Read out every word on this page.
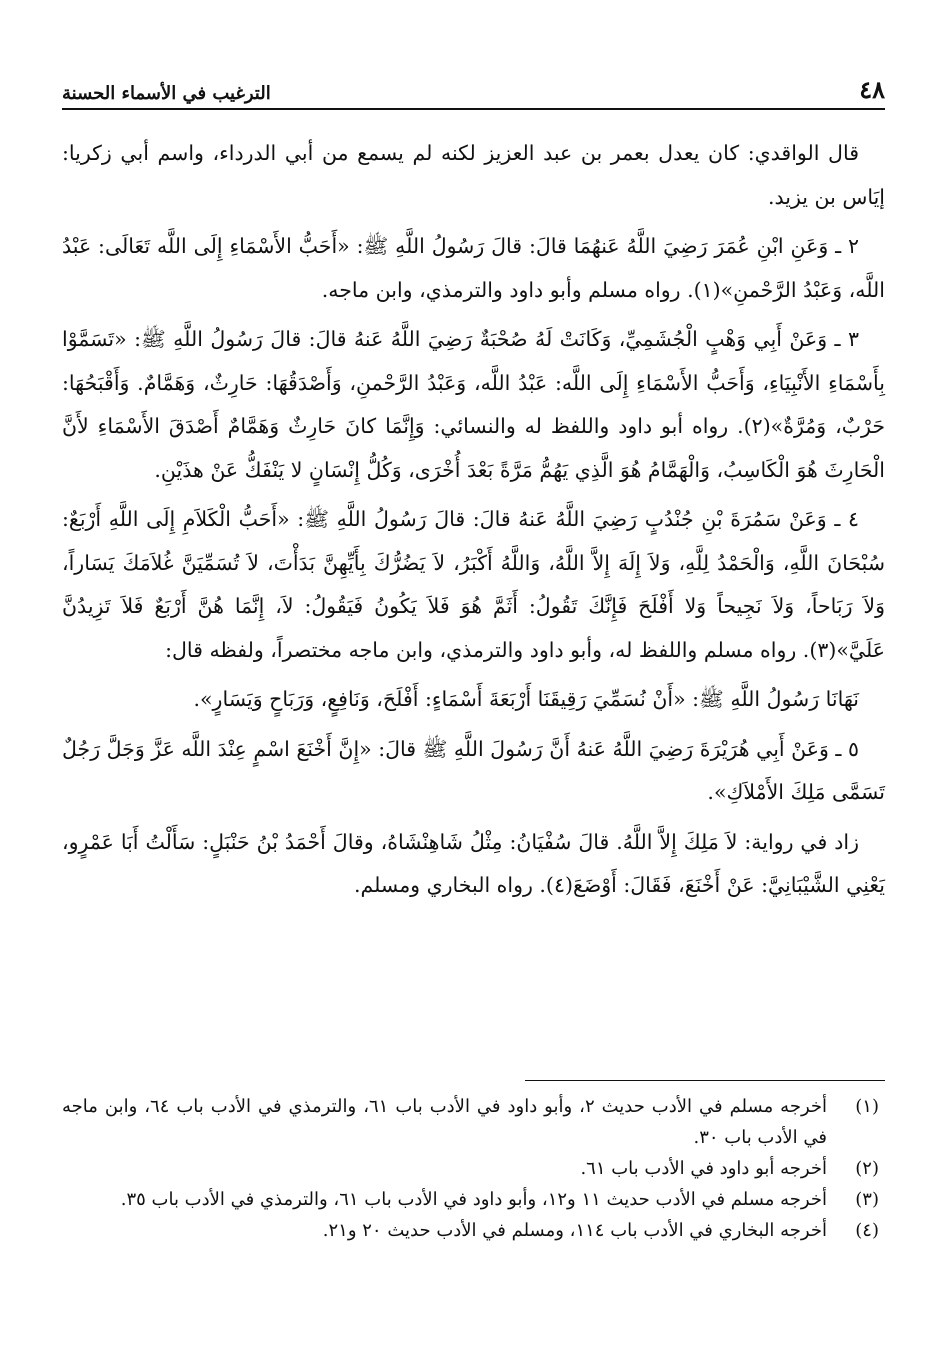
٤٨
الترغيب في الأسماء الحسنة

قال الواقدي: كان يعدل بعمر بن عبد العزيز لكنه لم يسمع من أبي الدرداء، واسم أبي زكريا: إيَاس بن يزيد.

٢ ـ وَعَنِ ابْنِ عُمَرَ رَضِيَ اللَّهُ عَنهُمَا قالَ: قالَ رَسُولُ اللَّهِ ﷺ: «أَحَبُّ الأَسْمَاءِ إِلَى اللَّه تَعَالَى: عَبْدُ اللَّه، وَعَبْدُ الرَّحْمنِ»(١). رواه مسلم وأبو داود والترمذي، وابن ماجه.

٣ ـ وَعَنْ أَبِي وَهْبٍ الْجُشَمِيِّ، وَكَانَتْ لَهُ صُحْبَةٌ رَضِيَ اللَّهُ عَنهُ قالَ: قالَ رَسُولُ اللَّهِ ﷺ: «تَسَمَّوْا بِأَسْمَاءِ الأَنْبِيَاءِ، وَأَحَبُّ الأَسْمَاءِ إِلَى اللَّه: عَبْدُ اللَّه، وَعَبْدُ الرَّحْمنِ، وَأَصْدَقُهَا: حَارِثٌ، وَهَمَّامٌ. وَأَقْبَحُهَا: حَرْبٌ، وَمُرَّةٌ»(٢). رواه أبو داود واللفظ له والنسائي: وَإِنَّمَا كانَ حَارِثٌ وَهَمَّامٌ أَصْدَقَ الأَسْمَاءِ لأَنَّ الْحَارِثَ هُوَ الْكَاسِبُ، وَالْهَمَّامُ هُوَ الَّذِي يَهُمُّ مَرَّةً بَعْدَ أُخْرَى، وَكُلُّ إِنْسَانٍ لا يَنْفَكُّ عَنْ هذَيْنِ.

٤ ـ وَعَنْ سَمُرَةَ بْنِ جُنْدُبٍ رَضِيَ اللَّهُ عَنهُ قالَ: قالَ رَسُولُ اللَّهِ ﷺ: «أَحَبُّ الْكَلاَمِ إِلَى اللَّهِ أَرْبَعٌ: سُبْحَانَ اللَّهِ، وَالْحَمْدُ لِلَّهِ، وَلاَ إِلَهَ إِلاَّ اللَّهُ، وَاللَّهُ أَكْبَرُ، لاَ يَضُرُّكَ بِأَيِّهِنَّ بَدَأْتَ، لاَ تُسَمِّيَنَّ غُلاَمَكَ يَسَاراً، وَلاَ رَبَاحاً، وَلاَ نَجِيحاً وَلا أَفْلَحَ فَإِنَّكَ تَقُولُ: أَثَمَّ هُوَ فَلاَ يَكُونُ فَيَقُولُ: لاَ، إِنَّمَا هُنَّ أَرْبَعٌ فَلاَ تَزِيدُنَّ عَلَيَّ»(٣). رواه مسلم واللفظ له، وأبو داود والترمذي، وابن ماجه مختصراً، ولفظه قال:

نَهَانَا رَسُولُ اللَّهِ ﷺ: «أَنْ نُسَمِّيَ رَقِيقَنَا أَرْبَعَةَ أَسْمَاءٍ: أَفْلَحَ، وَنَافِعٍ، وَرَبَاحٍ وَيَسَارٍ».

٥ ـ وَعَنْ أَبِي هُرَيْرَةَ رَضِيَ اللَّهُ عَنهُ أَنَّ رَسُولَ اللَّهِ ﷺ قالَ: «إِنَّ أَخْنَعَ اسْمٍ عِنْدَ اللَّه عَزَّ وَجَلَّ رَجُلٌ تَسَمَّى مَلِكَ الأَمْلاَكِ».

زاد في رواية: لاَ مَلِكَ إِلاَّ اللَّهُ. قالَ سُفْيَانُ: مِثْلُ شَاهِنْشَاهُ، وقالَ أَحْمَدُ بْنُ حَنْبَلٍ: سَأَلْتُ أَبَا عَمْرٍو، يَعْنِي الشَّيْبَانِيَّ: عَنْ أَخْنَعَ، فَقَالَ: أَوْضَعَ(٤). رواه البخاري ومسلم.

(١)
أخرجه مسلم في الأدب حديث ٢، وأبو داود في الأدب باب ٦١، والترمذي في الأدب باب ٦٤، وابن ماجه في الأدب باب ٣٠.
(٢)
أخرجه أبو داود في الأدب باب ٦١.
(٣)
أخرجه مسلم في الأدب حديث ١١ و١٢، وأبو داود في الأدب باب ٦١، والترمذي في الأدب باب ٣٥.
(٤)
أخرجه البخاري في الأدب باب ١١٤، ومسلم في الأدب حديث ٢٠ و٢١.
